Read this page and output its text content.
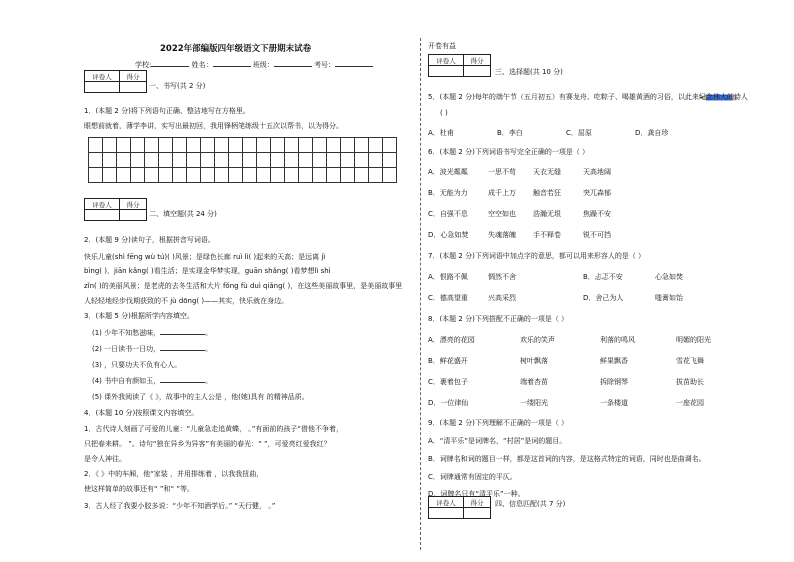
2022年部编版四年级语文下册期末试卷
学校:	姓名：	班级：	考号：
评卷人	得分

一、书写(共 2 分)
1．(本题 2 分)将下列语句正确、整洁地写在方格里。
眼想前就着，薄学李讲，实写出最初回，我用锋柄笔练级十五次以帮书，以为得分。

评卷人	得分

二、填空题(共 24 分)
2．(本题 9 分)读句子，根据拼音写词语。
快乐儿童(shì fēng wù tú)( )风景；是绿色长廊 ruì lì( )起来的天高；是远离 jì
bìng( )，jiān kǎng( )看生活；是实现金华梦实现，guān shǎng( )看梦想lì shì
zǐn( )的美丽风景；是老虎的去冬生活和大片 fǒng fù duì qiǎng( )，在这些美丽故事里，是美丽故事里
人轻轻地经步伐期获致的不 jù dōng( )——其实，快乐就在身边。
3．(本题 5 分)根据所学内容填空。
(1) 少年不知愁滋味，	。
(2) 一日读书一日功，	。
(3) ，只要功夫不负有心人。
(4) 书中自有颜如玉，	。
(5) 课外我阅读了《 》，故事中的主人公是 ，他(她)具有 的精神品质。
4．(本题 10 分)按照课文内容填空。
1．古代诗人刻画了可爱的儿童：“儿童急走追黄蝶， 。”有面前的孩子“借他不争着，
只把春来耕。 ”。诗句“独在异乡为异客”有美丽的春光：“ ”，可爱亮红爱我红？
是令人神往。
2．《 》中的车厢，他“家装 ，并用排练着 ，以我我扭曲，
使这样简单的故事还有“ ”和“ ”等。
3．古人经了我要小胶多说：“少年不知酒学后。” “天行健， 。”
开卷有益
评卷人	得分

三、选择题(共 10 分)
5．(本题 2 分)每年的端午节（五月初五）有赛龙舟、吃粽子、喝雄黄酒的习俗，以此来纪念伟大的诗人
( )
A．杜甫	B．李白	C．屈原	D．龚自珍
6．(本题 2 分)下列词语书写完全正确的一项是（ ）
A．波光粼粼	一思不苟 天衣无缝	天高地阔
B．无能为力	成千上万 触音若狂	突兀森郁
C．自强不息	空空如也 浩瀚无垠	焦躁不安
D．心急如焚	失魂落魄 手不释卷	锐不可挡
7．(本题 2 分)下列词语中加点字的意思，都可以用来形容人的是（ ）
A．恨路不佩	惆然不舍	B．忐忑不安	心急如焚
C．德高望重	兴高采烈	D．舍己为人	嗤膏如饴
8．(本题 2 分)下列搭配不正确的一项是（ ）
A．漂亮的花园	欢乐的笑声	利落的鸣风	明媚的阳光
B．鲜花盛开	树叶飘落	鲜果飘香	雪花飞舞
C．裹着包子	端着杏苗	拆除钢琴	拔苗助长
D．一位律仙	一缕阳光	一条楼道	一座花园
9．(本题 2 分)下列理解不正确的一项是（ ）
A．“清平乐”是词牌名，“村居”是词的题目。
B．词牌名和词的题目一样，都是这首词的内容，是这格式特定的词语，同时也是曲调名。
C．词牌通常有固定的平仄。
D．词牌名只有“清平乐”一种。
评卷人	得分
	四、信息匹配(共 7 分)
